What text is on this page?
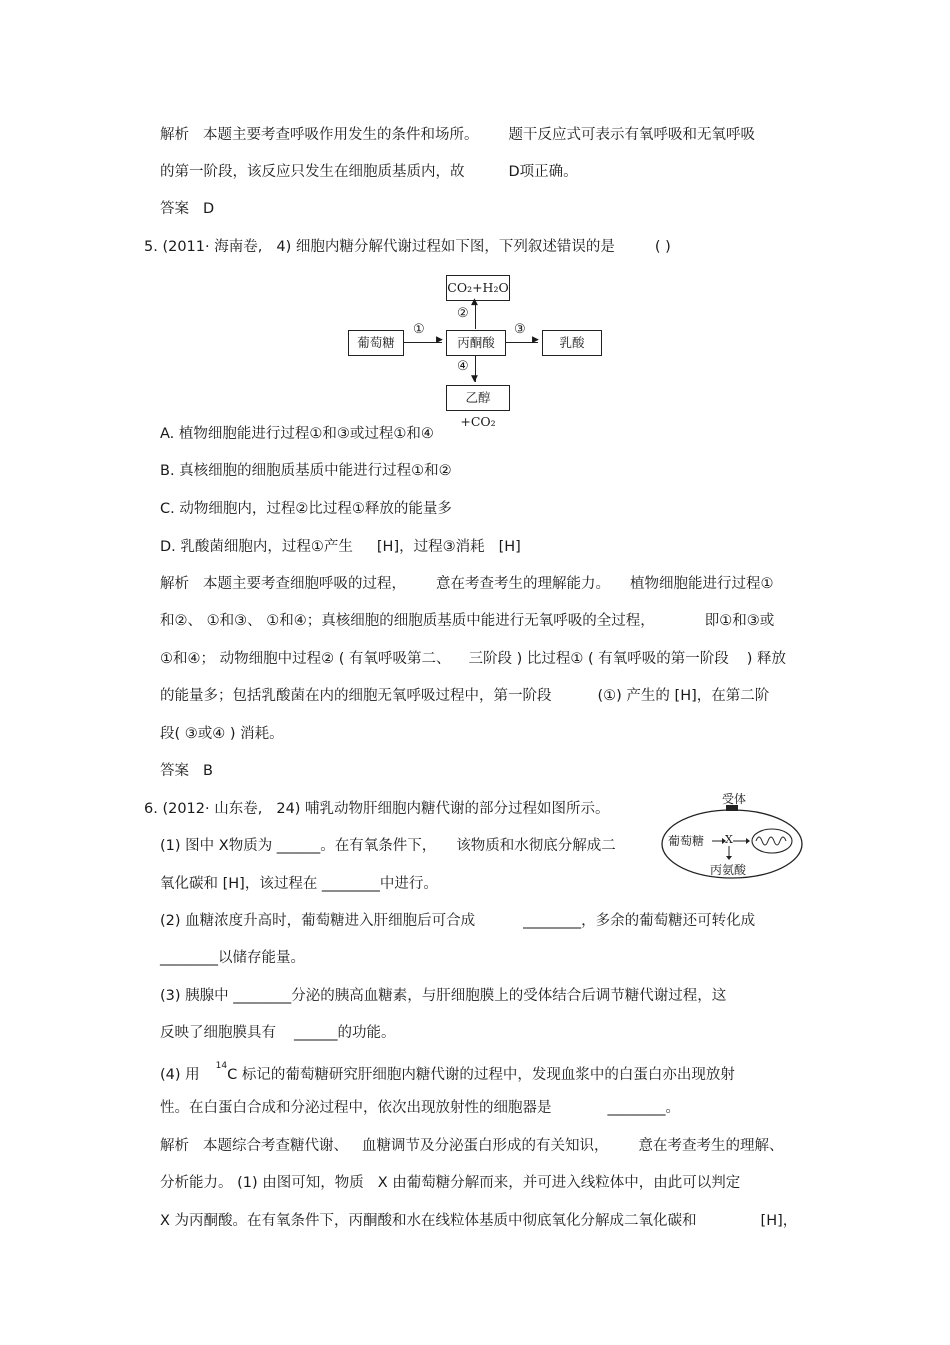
解析 本题主要考查呼吸作用发生的条件和场所。 题干反应式可表示有氧呼吸和无氧呼吸
的第一阶段，该反应只发生在细胞质基质内，故	D项正确。
答案 D
5. (2011· 海南卷, 4) 细胞内糖分解代谢过程如下图，下列叙述错误的是	( )
CO₂+H₂O
葡萄糖	丙酮酸	乳酸
乙醇 +CO₂
▶
①
▶
③
▲
②
▼
④
A. 植物细胞能进行过程①和③或过程①和④
B. 真核细胞的细胞质基质中能进行过程①和②
C. 动物细胞内，过程②比过程①释放的能量多
D. 乳酸菌细胞内，过程①产生 [H]，过程③消耗 [H]
解析 本题主要考查细胞呼吸的过程， 意在考查考生的理解能力。 植物细胞能进行过程①
和②、 ①和③、 ①和④；真核细胞的细胞质基质中能进行无氧呼吸的全过程，	即①和③或
①和④； 动物细胞中过程② ( 有氧呼吸第二、 三阶段 ) 比过程① ( 有氧呼吸的第一阶段 ) 释放
的能量多；包括乳酸菌在内的细胞无氧呼吸过程中，第一阶段	(①) 产生的 [H]，在第二阶
段( ③或④ ) 消耗。
答案 B
6. (2012· 山东卷, 24) 哺乳动物肝细胞内糖代谢的部分过程如图所示。
受体
葡萄糖 X
丙氨酸
(1) 图中 X物质为 ______。在有氧条件下， 该物质和水彻底分解成二
氧化碳和 [H]，该过程在 ________中进行。
(2) 血糖浓度升高时，葡萄糖进入肝细胞后可合成	________，多余的葡萄糖还可转化成
________以储存能量。
(3) 胰腺中 ________分泌的胰高血糖素，与肝细胞膜上的受体结合后调节糖代谢过程，这
反映了细胞膜具有 ______的功能。
(4) 用$^{14}$C 标记的葡萄糖研究肝细胞内糖代谢的过程中，发现血浆中的白蛋白亦出现放射
性。在白蛋白合成和分泌过程中，依次出现放射性的细胞器是	________。
解析 本题综合考查糖代谢、 血糖调节及分泌蛋白形成的有关知识， 意在考查考生的理解、
分析能力。 (1) 由图可知，物质 X 由葡萄糖分解而来，并可进入线粒体中，由此可以判定
X 为丙酮酸。在有氧条件下，丙酮酸和水在线粒体基质中彻底氧化分解成二氧化碳和	[H]，
